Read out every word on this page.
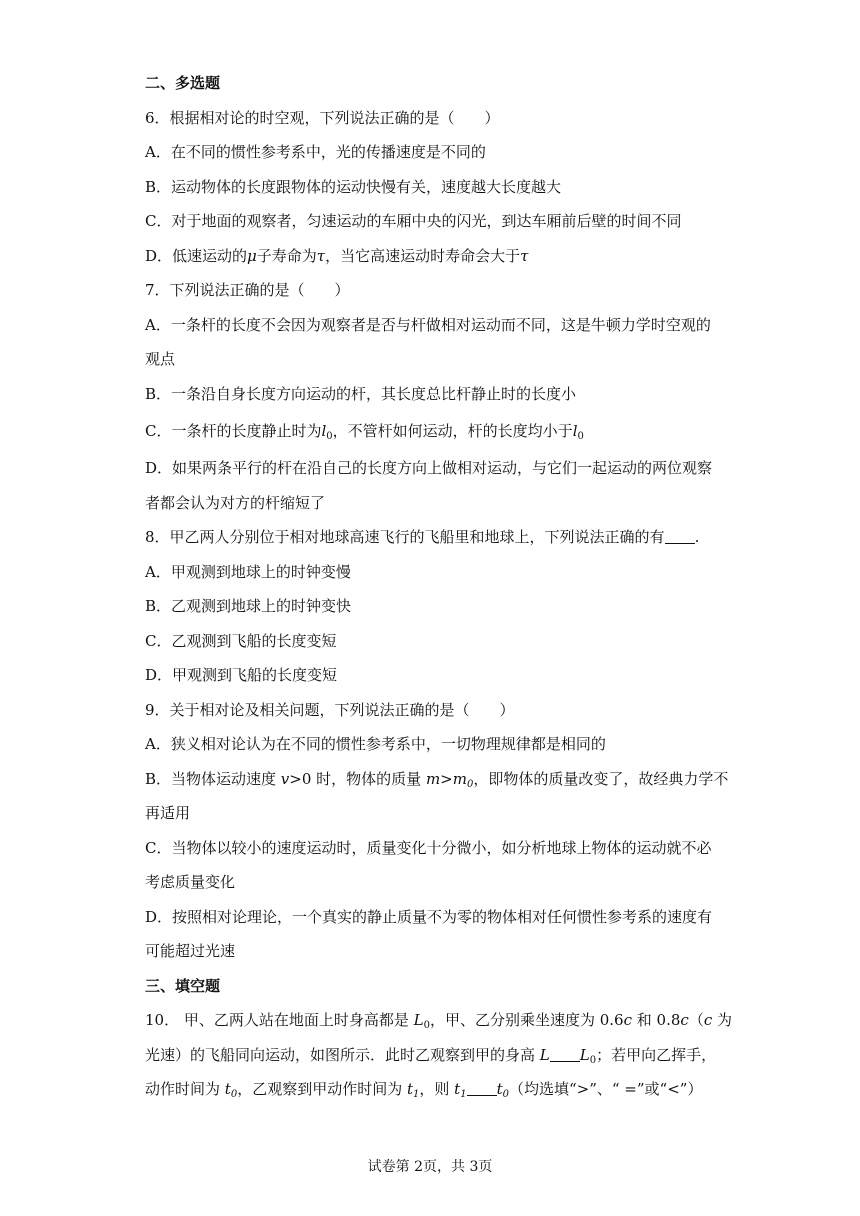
二、多选题
6．根据相对论的时空观，下列说法正确的是（　　）
A．在不同的惯性参考系中，光的传播速度是不同的
B．运动物体的长度跟物体的运动快慢有关，速度越大长度越大
C．对于地面的观察者，匀速运动的车厢中央的闪光，到达车厢前后壁的时间不同
D．低速运动的μ子寿命为τ，当它高速运动时寿命会大于τ
7．下列说法正确的是（　　）
A．一条杆的长度不会因为观察者是否与杆做相对运动而不同，这是牛顿力学时空观的
观点
B．一条沿自身长度方向运动的杆，其长度总比杆静止时的长度小
C．一条杆的长度静止时为$l_0$，不管杆如何运动，杆的长度均小于$l_0$
D．如果两条平行的杆在沿自己的长度方向上做相对运动，与它们一起运动的两位观察
者都会认为对方的杆缩短了
8．甲乙两人分别位于相对地球高速飞行的飞船里和地球上，下列说法正确的有 .
A．甲观测到地球上的时钟变慢
B．乙观测到地球上的时钟变快
C．乙观测到飞船的长度变短
D．甲观测到飞船的长度变短
9．关于相对论及相关问题，下列说法正确的是（　　）
A．狭义相对论认为在不同的惯性参考系中，一切物理规律都是相同的
B．当物体运动速度 v>0 时，物体的质量 $m>m_0$，即物体的质量改变了，故经典力学不
再适用
C．当物体以较小的速度运动时，质量变化十分微小，如分析地球上物体的运动就不必
考虑质量变化
D．按照相对论理论，一个真实的静止质量不为零的物体相对任何惯性参考系的速度有
可能超过光速
三、填空题
10． 甲、乙两人站在地面上时身高都是 $L_0$，甲、乙分别乘坐速度为 0.6c 和 0.8c（c 为
光速）的飞船同向运动，如图所示．此时乙观察到甲的身高 L $L_0$；若甲向乙挥手，
动作时间为 $t_0$，乙观察到甲动作时间为 $t_1$，则 $t_1$ $t_0$（均选填“>”、“ =”或“<”）
试卷第 2页，共 3页
